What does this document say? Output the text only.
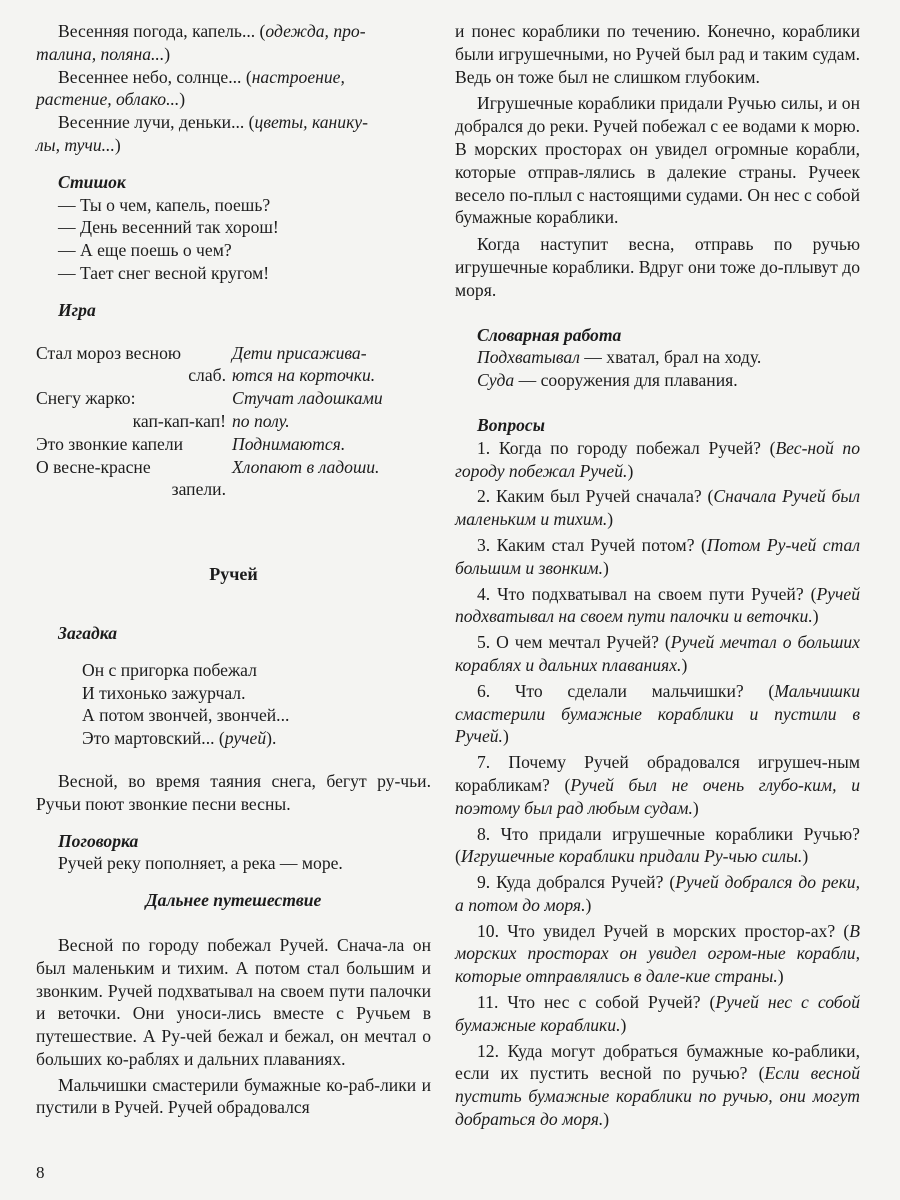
Весенняя погода, капель... (одежда, про-
талина, поляна...)

Весеннее небо, солнце... (настроение,
растение, облако...)

Весенние лучи, деньки... (цветы, канику-
лы, тучи...)

Стишок

— Ты о чем, капель, поешь?
— День весенний так хорош!
— А еще поешь о чем?
— Тает снег весной кругом!

Игра

Стал мороз весною
слаб.
Дети присажива-
ются на корточки.
Снегу жарко:
кап-кап-кап!
Стучат ладошками
по полу.
Это звонкие капели	Поднимаются.
О весне-красне
запели.
Хлопают в ладоши.
Ручей

Загадка

Он с пригорка побежал
И тихонько зажурчал.
А потом звончей, звончей...
Это мартовский... (ручей).

Весной, во время таяния снега, бегут ру-чьи. Ручьи поют звонкие песни весны.

Поговорка

Ручей реку пополняет, а река — море.

Дальнее путешествие

Весной по городу побежал Ручей. Снача-ла он был маленьким и тихим. А потом стал большим и звонким. Ручей подхватывал на своем пути палочки и веточки. Они уноси-лись вместе с Ручьем в путешествие. А Ру-чей бежал и бежал, он мечтал о больших ко-раблях и дальних плаваниях.

Мальчишки смастерили бумажные ко-раб-лики и пустили в Ручей. Ручей обрадовался

и понес кораблики по течению. Конечно, кораблики были игрушечными, но Ручей был рад и таким судам. Ведь он тоже был не слишком глубоким.

Игрушечные кораблики придали Ручью силы, и он добрался до реки. Ручей побежал с ее водами к морю. В морских просторах он увидел огромные корабли, которые отправ-лялись в далекие страны. Ручеек весело по-плыл с настоящими судами. Он нес с собой бумажные кораблики.

Когда наступит весна, отправь по ручью игрушечные кораблики. Вдруг они тоже до-плывут до моря.

Словарная работа

Подхватывал — хватал, брал на ходу.

Суда — сооружения для плавания.

Вопросы

1. Когда по городу побежал Ручей? (Вес-ной по городу побежал Ручей.)

2. Каким был Ручей сначала? (Сначала Ручей был маленьким и тихим.)

3. Каким стал Ручей потом? (Потом Ру-чей стал большим и звонким.)

4. Что подхватывал на своем пути Ручей? (Ручей подхватывал на своем пути палочки и веточки.)

5. О чем мечтал Ручей? (Ручей мечтал о больших кораблях и дальних плаваниях.)

6. Что сделали мальчишки? (Мальчишки смастерили бумажные кораблики и пустили в Ручей.)

7. Почему Ручей обрадовался игрушеч-ным корабликам? (Ручей был не очень глубо-ким, и поэтому был рад любым судам.)

8. Что придали игрушечные кораблики Ручью? (Игрушечные кораблики придали Ру-чью силы.)

9. Куда добрался Ручей? (Ручей добрался до реки, а потом до моря.)

10. Что увидел Ручей в морских простор-ах? (В морских просторах он увидел огром-ные корабли, которые отправлялись в дале-кие страны.)

11. Что нес с собой Ручей? (Ручей нес с собой бумажные кораблики.)

12. Куда могут добраться бумажные ко-раблики, если их пустить весной по ручью? (Если весной пустить бумажные кораблики по ручью, они могут добраться до моря.)

8
